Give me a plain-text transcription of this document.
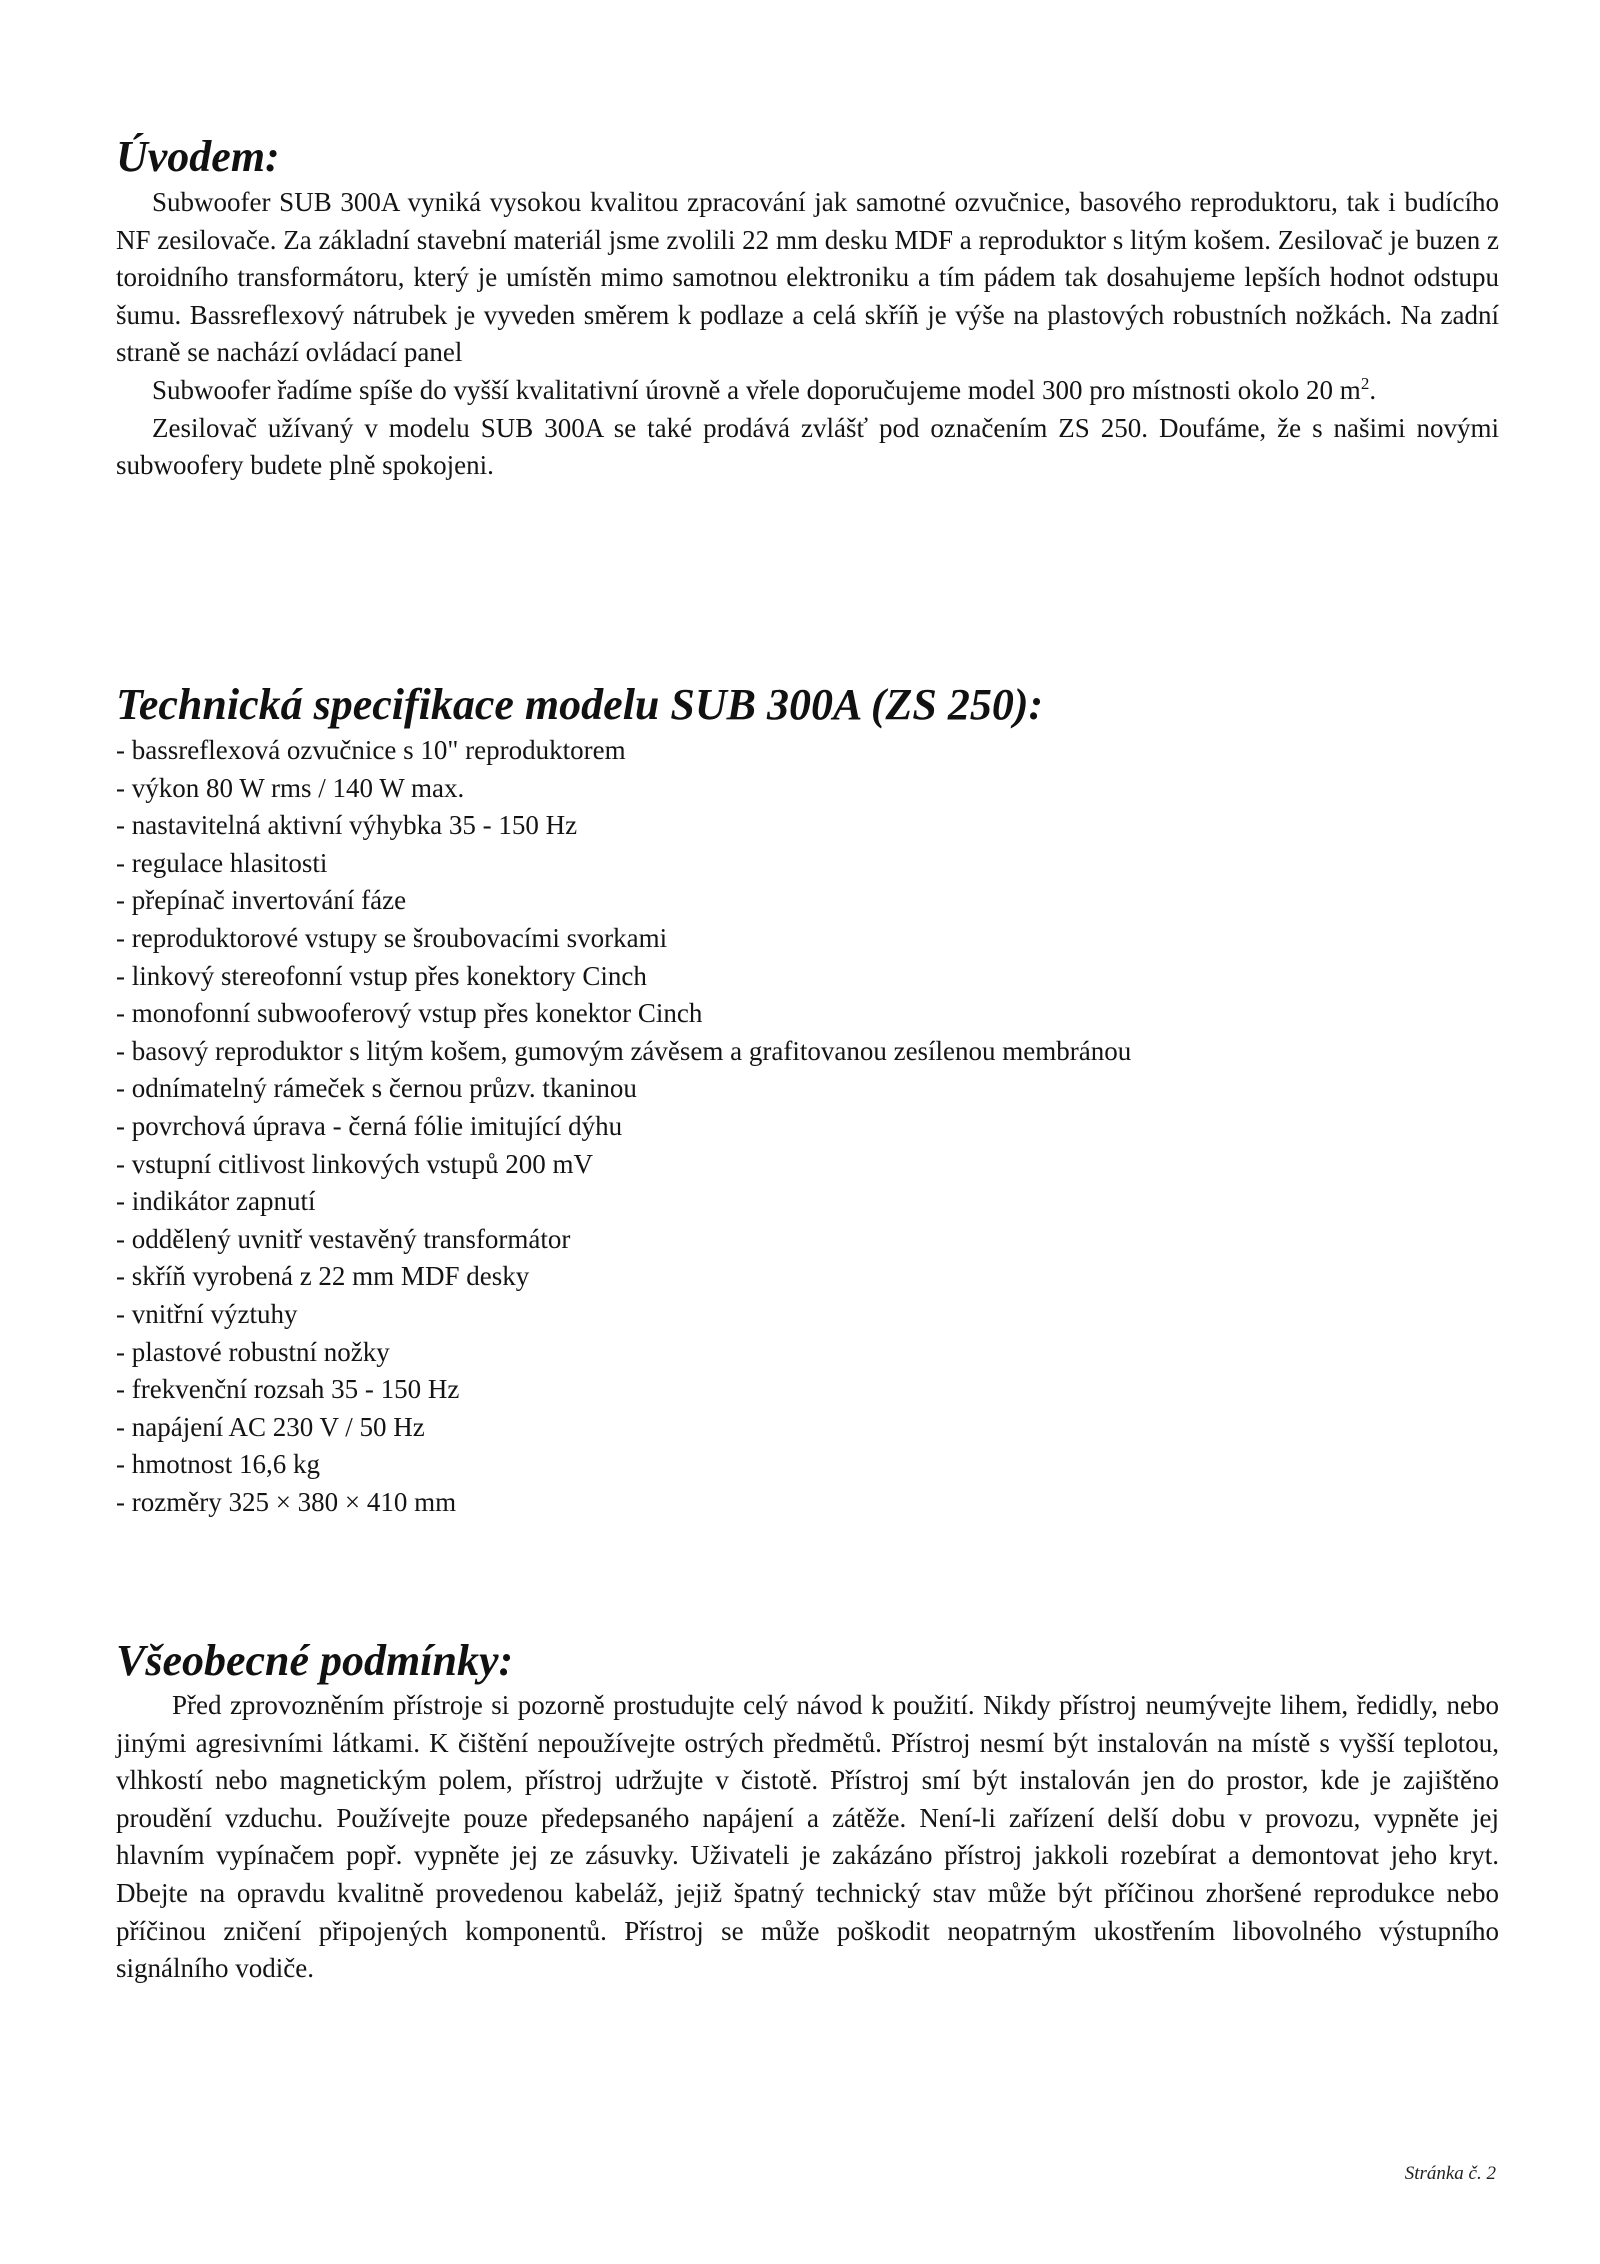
Úvodem:

Subwoofer SUB 300A vyniká vysokou kvalitou zpracování jak samotné ozvučnice, basového reproduktoru, tak i budícího NF zesilovače. Za základní stavební materiál jsme zvolili 22 mm desku MDF a reproduktor s litým košem. Zesilovač je buzen z toroidního transformátoru, který je umístěn mimo samotnou elektroniku a tím pádem tak dosahujeme lepších hodnot odstupu šumu. Bassreflexový nátrubek je vyveden směrem k podlaze a celá skříň je výše na plastových robustních nožkách. Na zadní straně se nachází ovládací panel

Subwoofer řadíme spíše do vyšší kvalitativní úrovně a vřele doporučujeme model 300 pro místnosti okolo 20 $m^2$.

Zesilovač užívaný v modelu SUB 300A se také prodává zvlášť pod označením ZS 250. Doufáme, že s našimi novými subwoofery budete plně spokojeni.

Technická specifikace modelu SUB 300A (ZS 250):
- bassreflexová ozvučnice s 10" reproduktorem
- výkon 80 W rms / 140 W max.
- nastavitelná aktivní výhybka 35 - 150 Hz
- regulace hlasitosti
- přepínač invertování fáze
- reproduktorové vstupy se šroubovacími svorkami
- linkový stereofonní vstup přes konektory Cinch
- monofonní subwooferový vstup přes konektor Cinch
- basový reproduktor s litým košem, gumovým závěsem a grafitovanou zesílenou membránou
- odnímatelný rámeček s černou průzv. tkaninou
- povrchová úprava - černá fólie imitující dýhu
- vstupní citlivost linkových vstupů 200 mV
- indikátor zapnutí
- oddělený uvnitř vestavěný transformátor
- skříň vyrobená z 22 mm MDF desky
- vnitřní výztuhy
- plastové robustní nožky
- frekvenční rozsah 35 - 150 Hz
- napájení AC 230 V / 50 Hz
- hmotnost 16,6 kg
- rozměry 325 × 380 × 410 mm
Všeobecné podmínky:

Před zprovozněním přístroje si pozorně prostudujte celý návod k použití. Nikdy přístroj neumývejte lihem, ředidly, nebo jinými agresivními látkami. K čištění nepoužívejte ostrých předmětů. Přístroj nesmí být instalován na místě s vyšší teplotou, vlhkostí nebo magnetickým polem, přístroj udržujte v čistotě. Přístroj smí být instalován jen do prostor, kde je zajištěno proudění vzduchu. Používejte pouze předepsaného napájení a zátěže. Není-li zařízení delší dobu v provozu, vypněte jej hlavním vypínačem popř. vypněte jej ze zásuvky. Uživateli je zakázáno přístroj jakkoli rozebírat a demontovat jeho kryt. Dbejte na opravdu kvalitně provedenou kabeláž, jejiž špatný technický stav může být příčinou zhoršené reprodukce nebo příčinou zničení připojených komponentů. Přístroj se může poškodit neopatrným ukostřením libovolného výstupního signálního vodiče.

Stránka č. 2
